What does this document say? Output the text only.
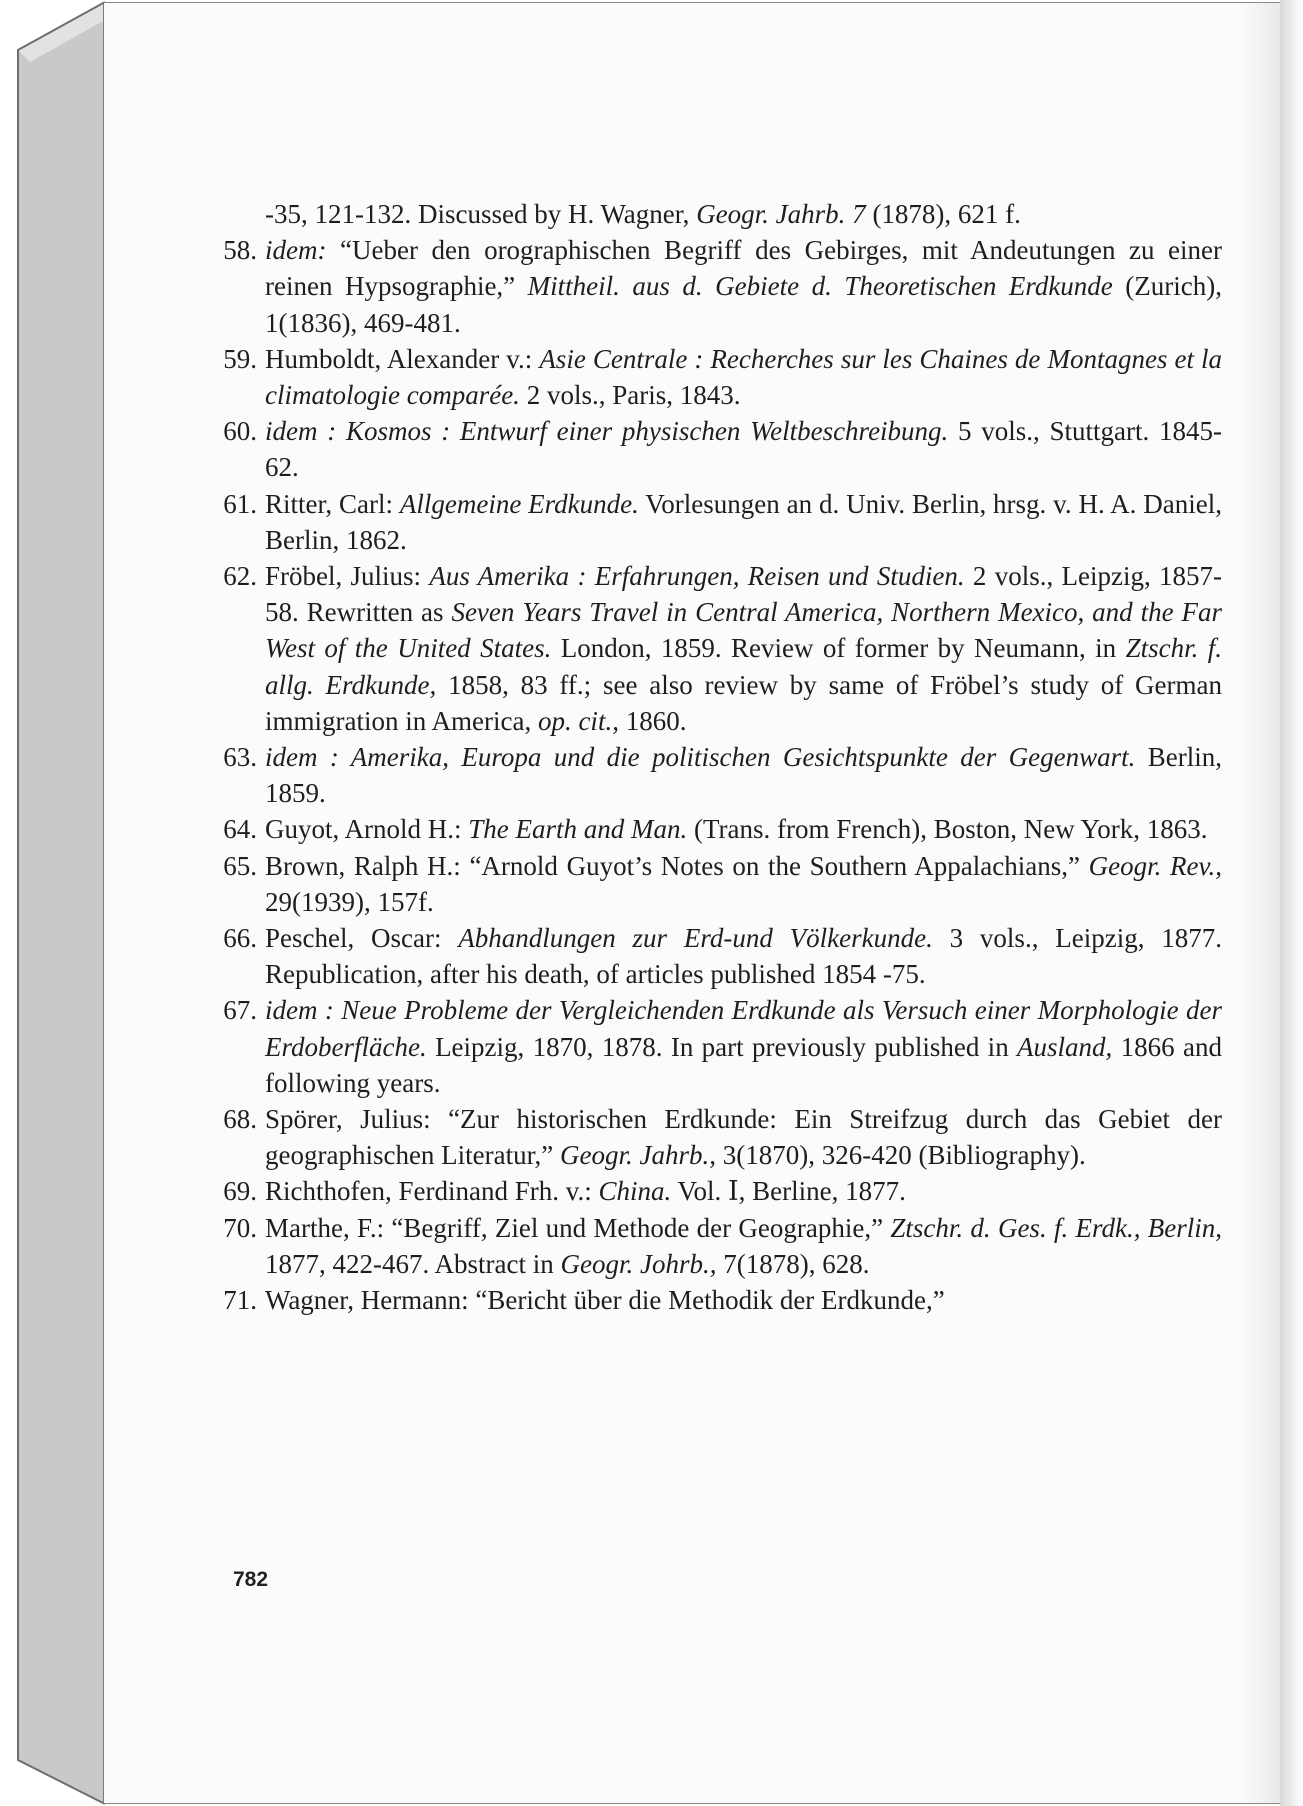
-35, 121-132. Discussed by H. Wagner, Geogr. Jahrb. 7 (1878), 621 f.
58. idem: “Ueber den orographischen Begriff des Gebirges, mit Andeutungen zu einer reinen Hypsographie,” Mittheil. aus d. Gebiete d. Theoretischen Erdkunde (Zurich), 1(1836), 469-481.
59. Humboldt, Alexander v.: Asie Centrale : Recherches sur les Chaines de Montagnes et la climatologie comparée. 2 vols., Paris, 1843.
60. idem : Kosmos : Entwurf einer physischen Weltbeschreibung. 5 vols., Stuttgart. 1845-62.
61. Ritter, Carl: Allgemeine Erdkunde. Vorlesungen an d. Univ. Berlin, hrsg. v. H. A. Daniel, Berlin, 1862.
62. Fröbel, Julius: Aus Amerika : Erfahrungen, Reisen und Studien. 2 vols., Leipzig, 1857-58. Rewritten as Seven Years Travel in Central America, Northern Mexico, and the Far West of the United States. London, 1859. Review of former by Neumann, in Ztschr. f. allg. Erdkunde, 1858, 83 ff.; see also review by same of Fröbel’s study of German immigration in America, op. cit., 1860.
63. idem : Amerika, Europa und die politischen Gesichtspunkte der Gegenwart. Berlin, 1859.
64. Guyot, Arnold H.: The Earth and Man. (Trans. from French), Boston, New York, 1863.
65. Brown, Ralph H.: “Arnold Guyot’s Notes on the Southern Appalachians,” Geogr. Rev., 29(1939), 157f.
66. Peschel, Oscar: Abhandlungen zur Erd-und Völkerkunde. 3 vols., Leipzig, 1877. Republication, after his death, of articles published 1854 -75.
67. idem : Neue Probleme der Vergleichenden Erdkunde als Versuch einer Morphologie der Erdoberfläche. Leipzig, 1870, 1878. In part previously published in Ausland, 1866 and following years.
68. Spörer, Julius: “Zur historischen Erdkunde: Ein Streifzug durch das Gebiet der geographischen Literatur,” Geogr. Jahrb., 3(1870), 326-420 (Bibliography).
69. Richthofen, Ferdinand Frh. v.: China. Vol. Ⅰ, Berline, 1877.
70. Marthe, F.: “Begriff, Ziel und Methode der Geographie,” Ztschr. d. Ges. f. Erdk., Berlin, 1877, 422-467. Abstract in Geogr. Johrb., 7(1878), 628.
71. Wagner, Hermann: “Bericht über die Methodik der Erdkunde,”
782
